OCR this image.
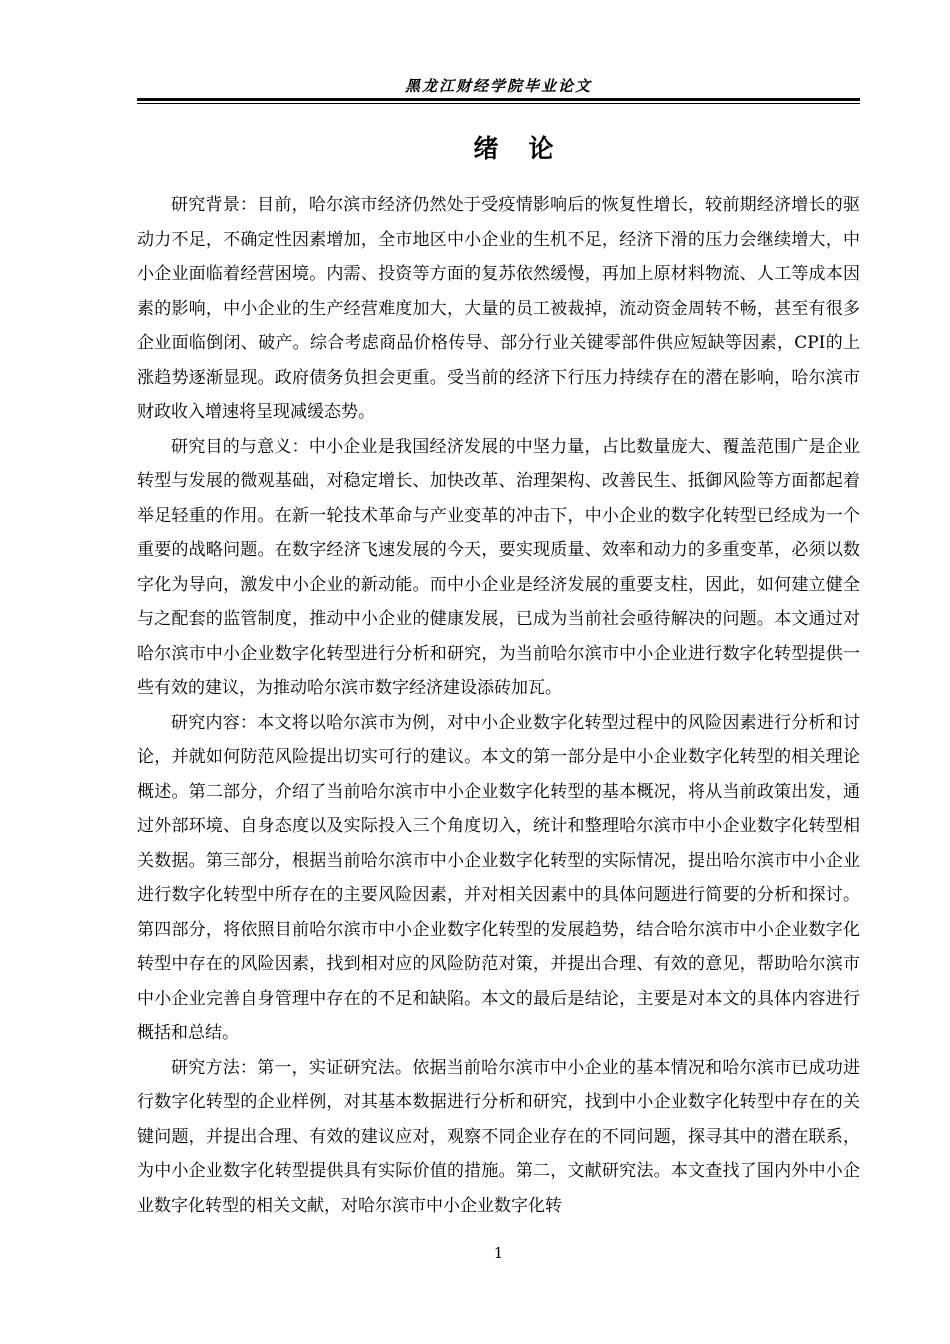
黑龙江财经学院毕业论文
绪论

研究背景：目前，哈尔滨市经济仍然处于受疫情影响后的恢复性增长，较前期经济增长的驱动力不足，不确定性因素增加，全市地区中小企业的生机不足，经济下滑的压力会继续增大，中小企业面临着经营困境。内需、投资等方面的复苏依然缓慢，再加上原材料物流、人工等成本因素的影响，中小企业的生产经营难度加大，大量的员工被裁掉，流动资金周转不畅，甚至有很多企业面临倒闭、破产。综合考虑商品价格传导、部分行业关键零部件供应短缺等因素，CPI的上涨趋势逐渐显现。政府债务负担会更重。受当前的经济下行压力持续存在的潜在影响，哈尔滨市财政收入增速将呈现减缓态势。

研究目的与意义：中小企业是我国经济发展的中坚力量，占比数量庞大、覆盖范围广是企业转型与发展的微观基础，对稳定增长、加快改革、治理架构、改善民生、抵御风险等方面都起着举足轻重的作用。在新一轮技术革命与产业变革的冲击下，中小企业的数字化转型已经成为一个重要的战略问题。在数字经济飞速发展的今天，要实现质量、效率和动力的多重变革，必须以数字化为导向，激发中小企业的新动能。而中小企业是经济发展的重要支柱，因此，如何建立健全与之配套的监管制度，推动中小企业的健康发展，已成为当前社会亟待解决的问题。本文通过对哈尔滨市中小企业数字化转型进行分析和研究，为当前哈尔滨市中小企业进行数字化转型提供一些有效的建议，为推动哈尔滨市数字经济建设添砖加瓦。

研究内容：本文将以哈尔滨市为例，对中小企业数字化转型过程中的风险因素进行分析和讨论，并就如何防范风险提出切实可行的建议。本文的第一部分是中小企业数字化转型的相关理论概述。第二部分，介绍了当前哈尔滨市中小企业数字化转型的基本概况，将从当前政策出发，通过外部环境、自身态度以及实际投入三个角度切入，统计和整理哈尔滨市中小企业数字化转型相关数据。第三部分，根据当前哈尔滨市中小企业数字化转型的实际情况，提出哈尔滨市中小企业进行数字化转型中所存在的主要风险因素，并对相关因素中的具体问题进行简要的分析和探讨。第四部分，将依照目前哈尔滨市中小企业数字化转型的发展趋势，结合哈尔滨市中小企业数字化转型中存在的风险因素，找到相对应的风险防范对策，并提出合理、有效的意见，帮助哈尔滨市中小企业完善自身管理中存在的不足和缺陷。本文的最后是结论，主要是对本文的具体内容进行概括和总结。

研究方法：第一，实证研究法。依据当前哈尔滨市中小企业的基本情况和哈尔滨市已成功进行数字化转型的企业样例，对其基本数据进行分析和研究，找到中小企业数字化转型中存在的关键问题，并提出合理、有效的建议应对，观察不同企业存在的不同问题，探寻其中的潜在联系，为中小企业数字化转型提供具有实际价值的措施。第二，文献研究法。本文查找了国内外中小企业数字化转型的相关文献，对哈尔滨市中小企业数字化转

1
